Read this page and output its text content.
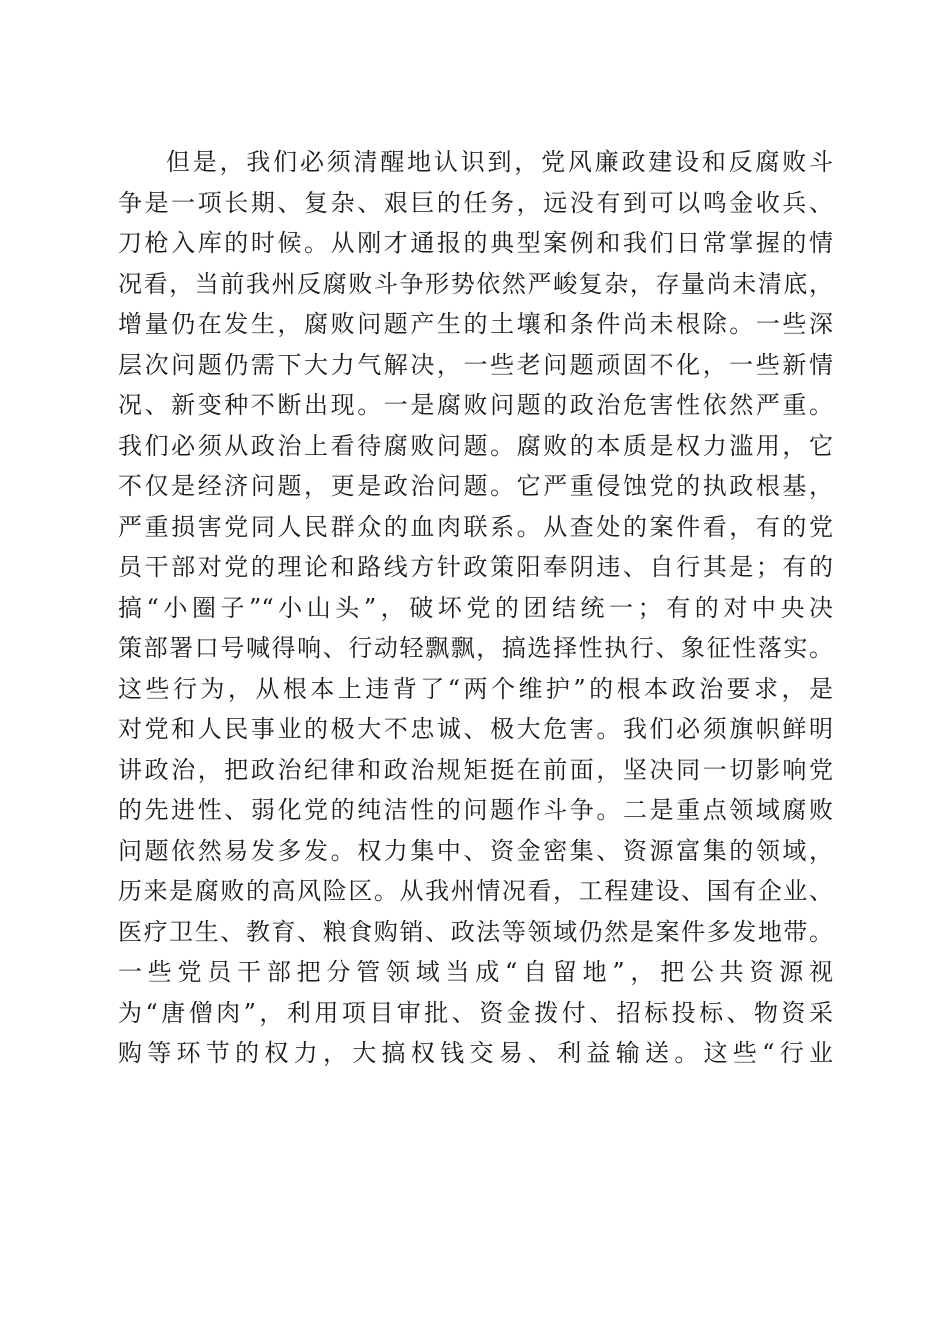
但是，我们必须清醒地认识到，党风廉政建设和反腐败斗
争是一项长期、复杂、艰巨的任务，远没有到可以鸣金收兵、
刀枪入库的时候。从刚才通报的典型案例和我们日常掌握的情
况看，当前我州反腐败斗争形势依然严峻复杂，存量尚未清底，
增量仍在发生，腐败问题产生的土壤和条件尚未根除。一些深
层次问题仍需下大力气解决，一些老问题顽固不化，一些新情
况、新变种不断出现。一是腐败问题的政治危害性依然严重。
我们必须从政治上看待腐败问题。腐败的本质是权力滥用，它
不仅是经济问题，更是政治问题。它严重侵蚀党的执政根基，
严重损害党同人民群众的血肉联系。从查处的案件看，有的党
员干部对党的理论和路线方针政策阳奉阴违、自行其是；有的
搞“小圈子”“小山头”，破坏党的团结统一；有的对中央决
策部署口号喊得响、行动轻飘飘，搞选择性执行、象征性落实。
这些行为，从根本上违背了“两个维护”的根本政治要求，是
对党和人民事业的极大不忠诚、极大危害。我们必须旗帜鲜明
讲政治，把政治纪律和政治规矩挺在前面，坚决同一切影响党
的先进性、弱化党的纯洁性的问题作斗争。二是重点领域腐败
问题依然易发多发。权力集中、资金密集、资源富集的领域，
历来是腐败的高风险区。从我州情况看，工程建设、国有企业、
医疗卫生、教育、粮食购销、政法等领域仍然是案件多发地带。
一些党员干部把分管领域当成“自留地”，把公共资源视
为“唐僧肉”，利用项目审批、资金拨付、招标投标、物资采
购等环节的权力，大搞权钱交易、利益输送。这些“行业
